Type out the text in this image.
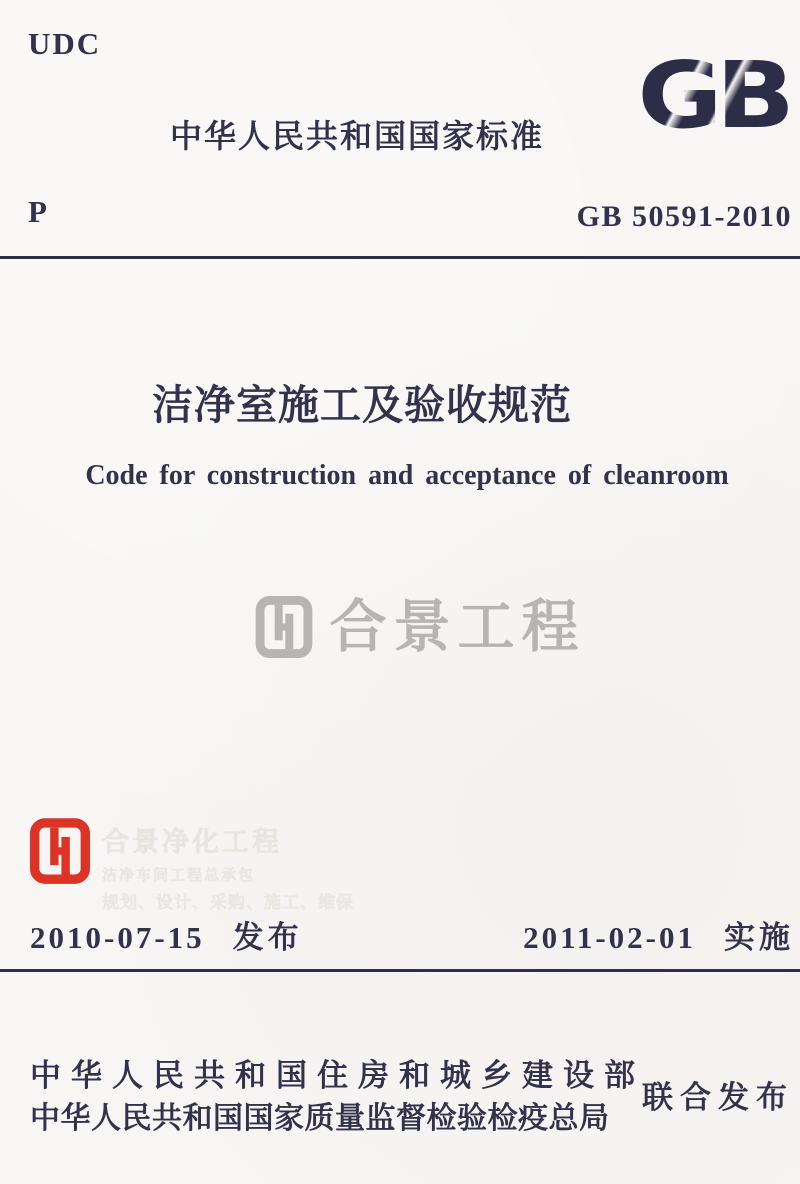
UDC	GB
中华人民共和国国家标准
P	GB 50591-2010
洁净室施工及验收规范
Code for construction and acceptance of cleanroom
合景工程
合景净化工程
洁净车间工程总承包
规划、设计、采购、施工、维保
2010-07-15 发布	2011-02-01 实施
中华人民共和国住房和城乡建设部
中华人民共和国国家质量监督检验检疫总局
联合发布
